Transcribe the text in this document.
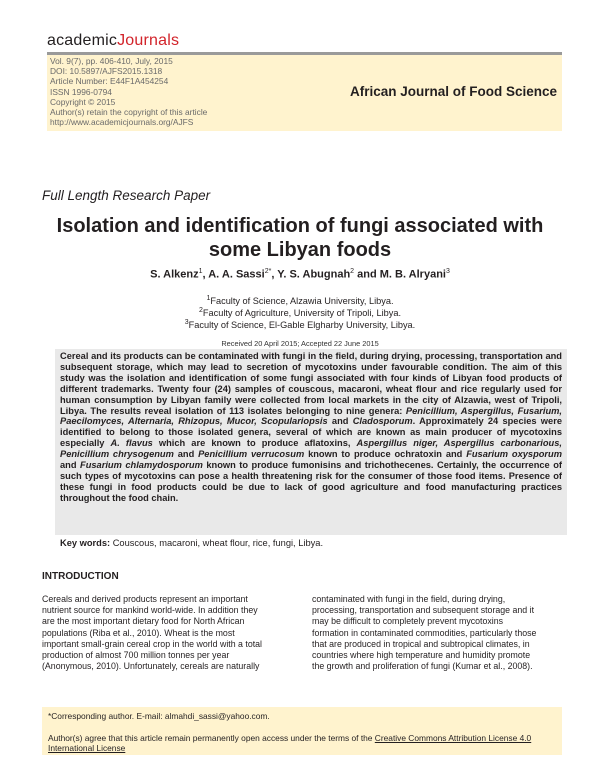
academicJournals
Vol. 9(7), pp. 406-410, July, 2015
DOI: 10.5897/AJFS2015.1318
Article Number: E44F1A454254
ISSN 1996-0794
Copyright © 2015
Author(s) retain the copyright of this article
http://www.academicjournals.org/AJFS
African Journal of Food Science
Full Length Research Paper
Isolation and identification of fungi associated with
some Libyan foods
S. Alkenz$^1$, A. A. Sassi$^{2*}$, Y. S. Abugnah$^2$ and M. B. Alryani$^3$
$^1$Faculty of Science, Alzawia University, Libya.
$^2$Faculty of Agriculture, University of Tripoli, Libya.
$^3$Faculty of Science, El-Gable Elgharby University, Libya.
Received 20 April 2015; Accepted 22 June 2015
Cereal and its products can be contaminated with fungi in the field, during drying, processing, transportation and subsequent storage, which may lead to secretion of mycotoxins under favourable condition. The aim of this study was the isolation and identification of some fungi associated with four kinds of Libyan food products of different trademarks. Twenty four (24) samples of couscous, macaroni, wheat flour and rice regularly used for human consumption by Libyan family were collected from local markets in the city of Alzawia, west of Tripoli, Libya. The results reveal isolation of 113 isolates belonging to nine genera: Penicillium, Aspergillus, Fusarium, Paecilomyces, Alternaria, Rhizopus, Mucor, Scopulariopsis and Cladosporum. Approximately 24 species were identified to belong to those isolated genera, several of which are known as main producer of mycotoxins especially A. flavus which are known to produce aflatoxins, Aspergillus niger, Aspergillus carbonarious, Penicillium chrysogenum and Penicillium verrucosum known to produce ochratoxin and Fusarium oxysporum and Fusarium chlamydosporum known to produce fumonisins and trichothecenes. Certainly, the occurrence of such types of mycotoxins can pose a health threatening risk for the consumer of those food items. Presence of these fungi in food products could be due to lack of good agriculture and food manufacturing practices throughout the food chain.
Key words: Couscous, macaroni, wheat flour, rice, fungi, Libya.
INTRODUCTION
Cereals and derived products represent an important
nutrient source for mankind world-wide. In addition they
are the most important dietary food for North African
populations (Riba et al., 2010). Wheat is the most
important small-grain cereal crop in the world with a total
production of almost 700 million tonnes per year
(Anonymous, 2010). Unfortunately, cereals are naturally
contaminated with fungi in the field, during drying,
processing, transportation and subsequent storage and it
may be difficult to completely prevent mycotoxins
formation in contaminated commodities, particularly those
that are produced in tropical and subtropical climates, in
countries where high temperature and humidity promote
the growth and proliferation of fungi (Kumar et al., 2008).
*Corresponding author. E-mail: almahdi_sassi@yahoo.com.
Author(s) agree that this article remain permanently open access under the terms of the Creative Commons Attribution License 4.0 International License
